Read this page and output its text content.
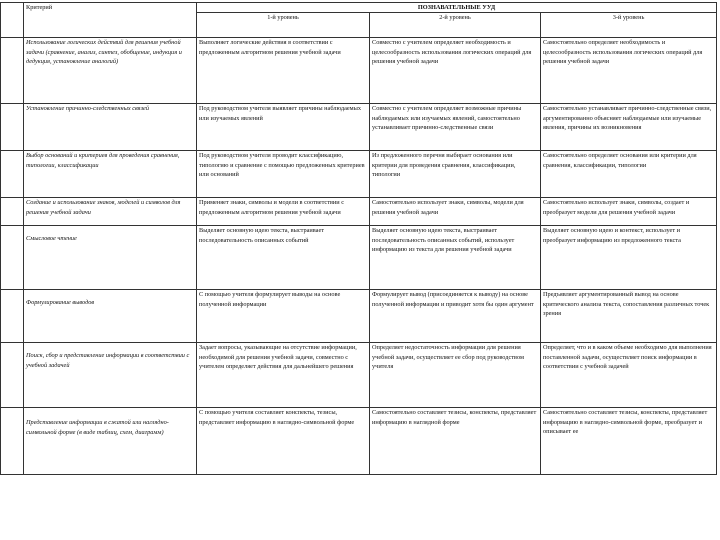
	Критерий	ПОЗНАВАТЕЛЬНЫЕ УУД		
		1-й уровень	2-й уровень	3-й уровень
	Использование логических действий для решения учебной задачи (сравнение, анализ, синтез, обобщение, индукция и дедукция, установление аналогий)	Выполняет логические действия в соответствии с предложенным алгоритмом решения учебной задачи	Совместно с учителем определяет необходимость и целесообразность использования логических операций для решения учебной задачи	Самостоятельно определяет необходимость и целесообразность использования логических операций для решения учебной задачи
	Установление причинно-следственных связей	Под руководством учителя выявляет причины наблюдаемых или изучаемых явлений	Совместно с учителем определяет возможные причины наблюдаемых или изучаемых явлений, самостоятельно устанавливает причинно-следственные связи	Самостоятельно устанавливает причинно-следственные связи, аргументированно объясняет наблюдаемые или изучаемые явления, причины их возникновения
	Выбор оснований и критериев для проведения сравнения, типологии, классификации	Под руководством учителя проводит классификацию, типологию и сравнение с помощью предложенных критериев или оснований	Из предложенного перечня выбирает основания или критерии для проведения сравнения, классификации, типологии	Самостоятельно определяет основания или критерии для сравнения, классификации, типологии
	Создание и использование знаков, моделей и символов для решения учебной задачи	Применяет знаки, символы и модели в соответствии с предложенным алгоритмом решения учебной задачи	Самостоятельно использует знаки, символы, модели для решения учебной задачи	Самостоятельно использует знаки, символы, создает и преобразует модели для решения учебной задачи
	Смысловое чтение	Выделяет основную идею текста, выстраивает последовательность описанных событий	Выделяет основную идею текста, выстраивает последовательность описанных событий, использует информацию из текста для решения учебной задачи	Выделяет основную идею и контекст, использует и преобразует информацию из предложенного текста
	Формулирование выводов	С помощью учителя формулирует выводы на основе полученной информации	Формулирует вывод (присоединяется к выводу) на основе полученной информации и приводит хотя бы один аргумент	Предъявляет аргументированный вывод на основе критического анализа текста, сопоставления различных точек зрения
	Поиск, сбор и представление информации в соответствии с учебной задачей	Задает вопросы, указывающие на отсутствие информации, необходимой для решения учебной задачи, совместно с учителем определяет действия для дальнейшего решения	Определяет недостаточность информации для решения учебной задачи, осуществляет ее сбор под руководством учителя	Определяет, что и в каком объеме необходимо для выполнения поставленной задачи, осуществляет поиск информации в соответствии с учебной задачей
	Представление информации в сжатой или наглядно-символьной форме (в виде таблиц, схем, диаграмм)	С помощью учителя составляет конспекты, тезисы, представляет информацию в наглядно-символьной форме	Самостоятельно составляет тезисы, конспекты, представляет информацию в наглядной форме	Самостоятельно составляет тезисы, конспекты, представляет информацию в наглядно-символьной форме, преобразует и описывает ее
